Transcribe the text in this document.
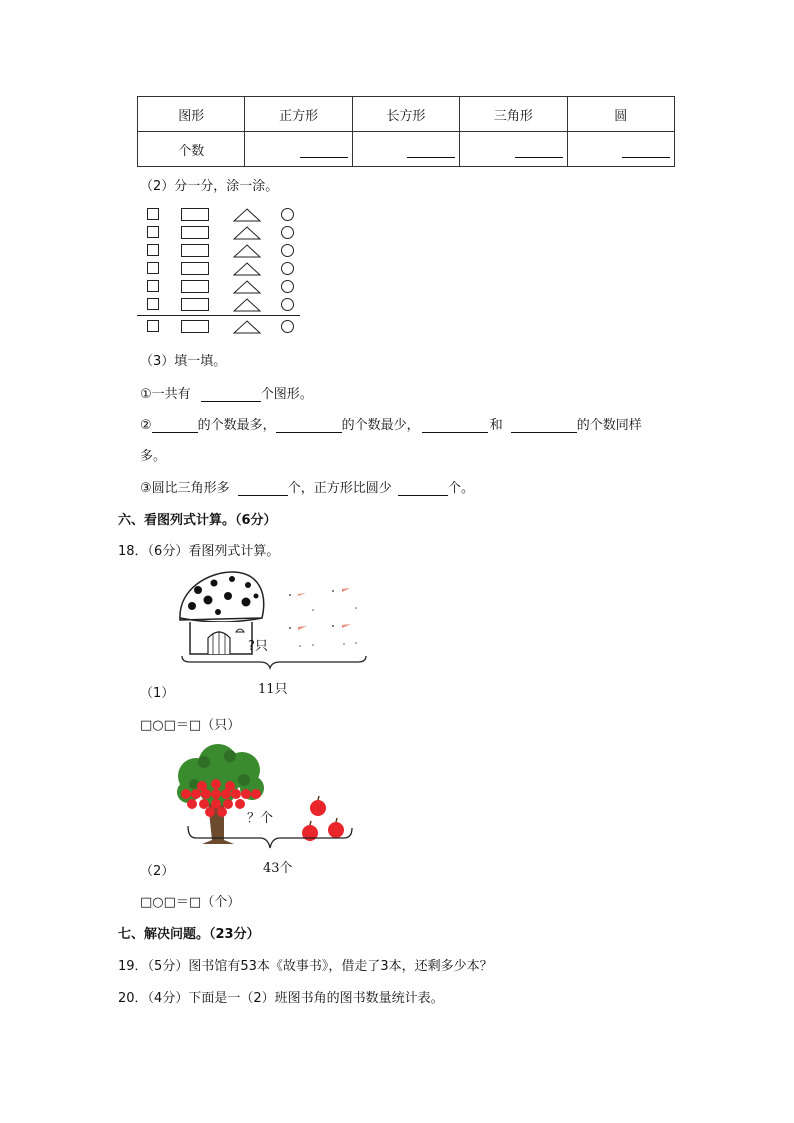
图形	正方形	长方形	三角形	圆
个数	

（2）分一分，涂一涂。
（3）填一填。
①一共有	个图形。
②	的个数最多，	的个数最少，	和	的个数同样
多。
③圆比三角形多	个，正方形比圆少	个。
六、看图列式计算。（6分）
18．（6分）看图列式计算。
?只
11只
（1）
□○□＝□（只）
？个
43个
（2）
□○□＝□（个）
七、解决问题。（23分）
19．（5分）图书馆有53本《故事书》，借走了3本，还剩多少本？
20．（4分）下面是一（2）班图书角的图书数量统计表。
